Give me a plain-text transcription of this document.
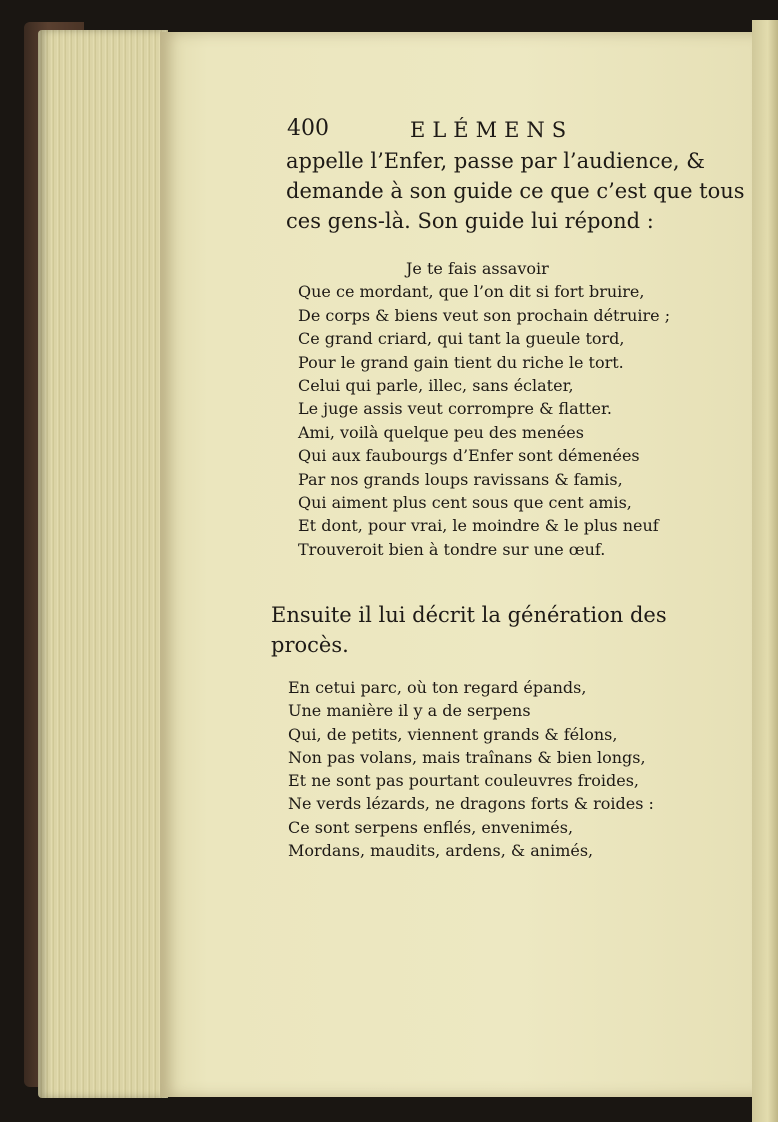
400	ELÉMENS
appelle l’Enfer, passe par l’audience, &
demande à son guide ce que c’est que tous
ces gens-là. Son guide lui répond :
Je te fais assavoir
Que ce mordant, que l’on dit si fort bruire,
De corps & biens veut son prochain détruire ;
Ce grand criard, qui tant la gueule tord,
Pour le grand gain tient du riche le tort.
Celui qui parle, illec, sans éclater,
Le juge assis veut corrompre & flatter.
Ami, voilà quelque peu des menées
Qui aux faubourgs d’Enfer sont démenées
Par nos grands loups ravissans & famis,
Qui aiment plus cent sous que cent amis,
Et dont, pour vrai, le moindre & le plus neuf
Trouveroit bien à tondre sur une œuf.
Ensuite il lui décrit la génération des
procès.
En cetui parc, où ton regard épands,
Une manière il y a de serpens
Qui, de petits, viennent grands & félons,
Non pas volans, mais traînans & bien longs,
Et ne sont pas pourtant couleuvres froides,
Ne verds lézards, ne dragons forts & roides :
Ce sont serpens enflés, envenimés,
Mordans, maudits, ardens, & animés,
